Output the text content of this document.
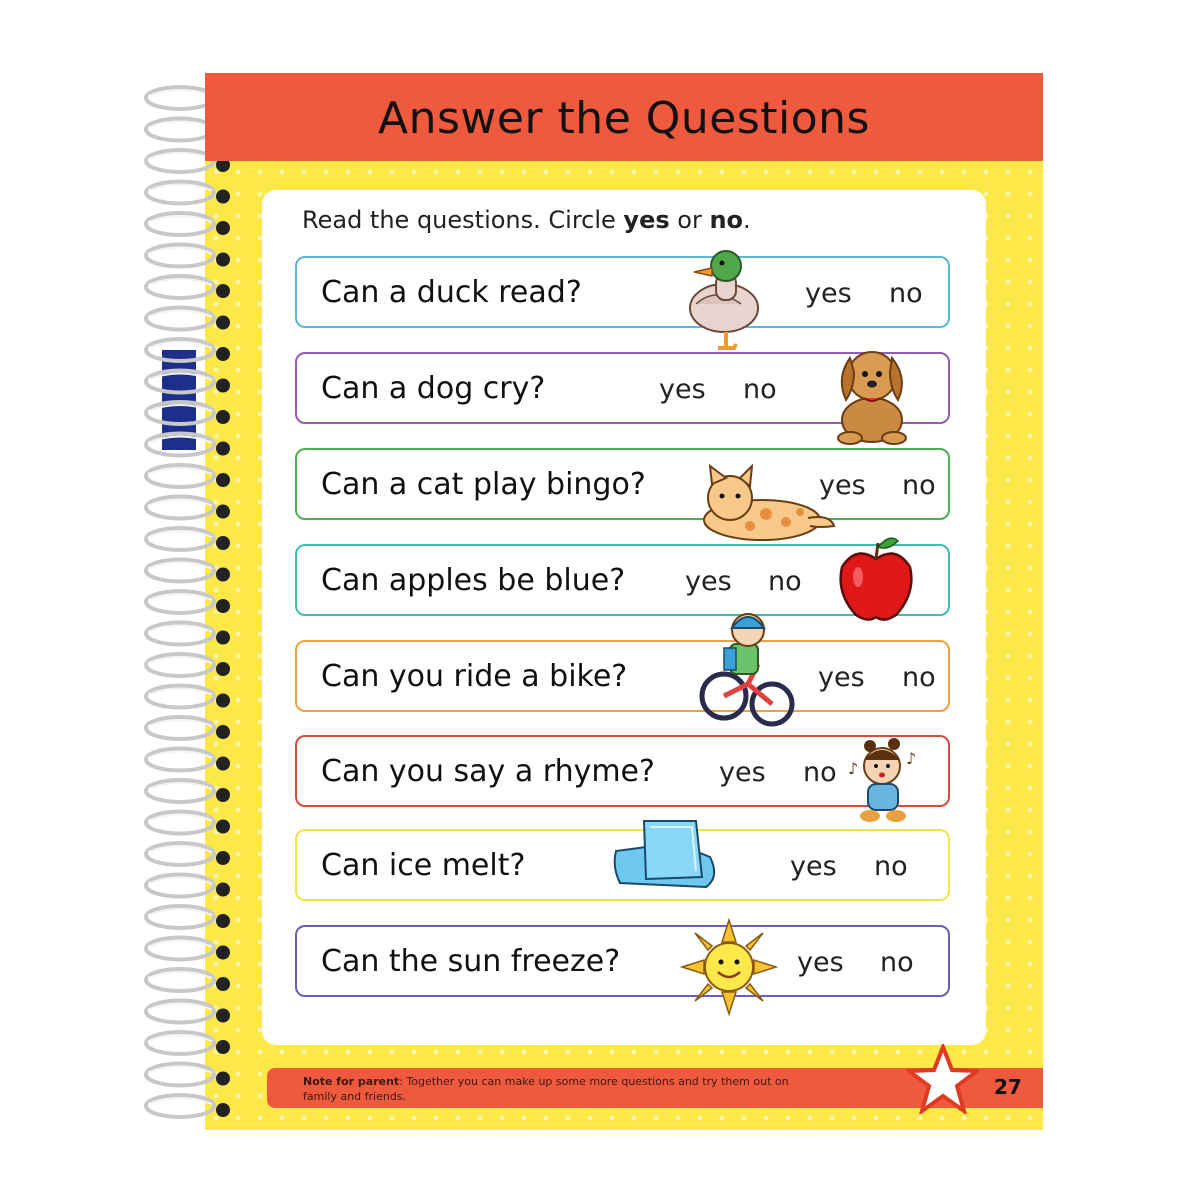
Answer the Questions
Read the questions. Circle yes or no.
Can a duck read?	yes no
Can a dog cry?	yes no
Can a cat play bingo?	yes no
Can apples be blue? yes no
Can you ride a bike?	yes no
Can you say a rhyme? yes no
Can ice melt?	yes no
Can the sun freeze?	yes no
♪
♪
Note for parent: Together you can make up some more questions and try them out on family and friends.	27
